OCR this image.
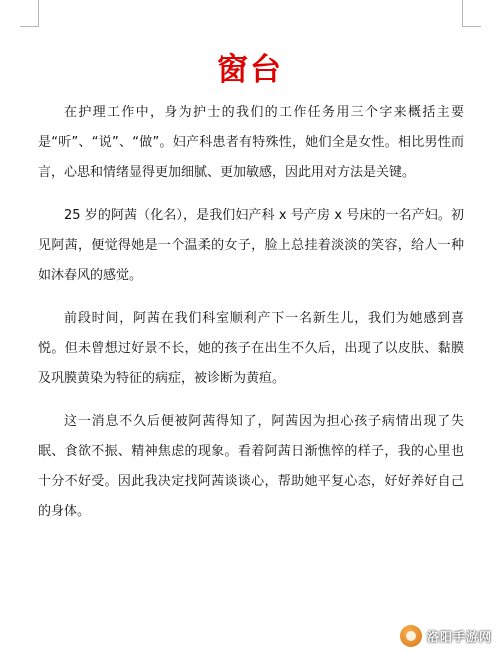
窗台

在护理工作中，身为护士的我们的工作任务用三个字来概括主要是“听”、“说”、“做”。妇产科患者有特殊性，她们全是女性。相比男性而言，心思和情绪显得更加细腻、更加敏感，因此用对方法是关键。

25 岁的阿茜（化名），是我们妇产科 x 号产房 x 号床的一名产妇。初见阿茜，便觉得她是一个温柔的女子，脸上总挂着淡淡的笑容，给人一种如沐春风的感觉。

前段时间，阿茜在我们科室顺利产下一名新生儿，我们为她感到喜悦。但未曾想过好景不长，她的孩子在出生不久后，出现了以皮肤、黏膜及巩膜黄染为特征的病症，被诊断为黄疸。

这一消息不久后便被阿茜得知了，阿茜因为担心孩子病情出现了失眠、食欲不振、精神焦虑的现象。看着阿茜日渐憔悴的样子，我的心里也十分不好受。因此我决定找阿茜谈谈心，帮助她平复心态，好好养好自己的身体。

洛阳手游网
